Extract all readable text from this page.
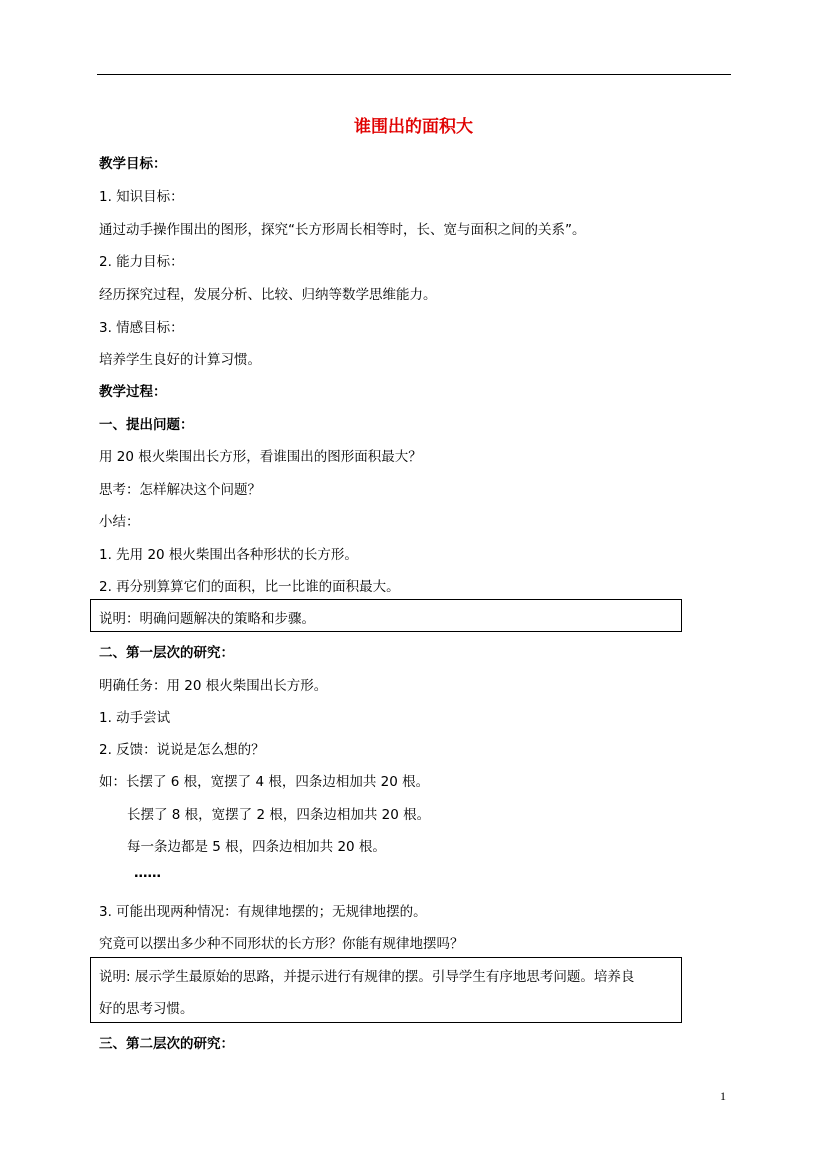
谁围出的面积大
教学目标：
1. 知识目标：
通过动手操作围出的图形，探究“长方形周长相等时，长、宽与面积之间的关系”。
2. 能力目标：
经历探究过程，发展分析、比较、归纳等数学思维能力。
3. 情感目标：
培养学生良好的计算习惯。
教学过程：
一、提出问题：
用 20 根火柴围出长方形，看谁围出的图形面积最大？
思考：怎样解决这个问题？
小结：
1. 先用 20 根火柴围出各种形状的长方形。
2. 再分别算算它们的面积，比一比谁的面积最大。
说明：明确问题解决的策略和步骤。
二、第一层次的研究：
明确任务：用 20 根火柴围出长方形。
1. 动手尝试
2. 反馈：说说是怎么想的？
如：长摆了 6 根，宽摆了 4 根，四条边相加共 20 根。
长摆了 8 根，宽摆了 2 根，四条边相加共 20 根。
每一条边都是 5 根，四条边相加共 20 根。
……
3. 可能出现两种情况：有规律地摆的；无规律地摆的。
究竟可以摆出多少种不同形状的长方形？你能有规律地摆吗？
说明: 展示学生最原始的思路，并提示进行有规律的摆。引导学生有序地思考问题。培养良
好的思考习惯。
三、第二层次的研究：
1
